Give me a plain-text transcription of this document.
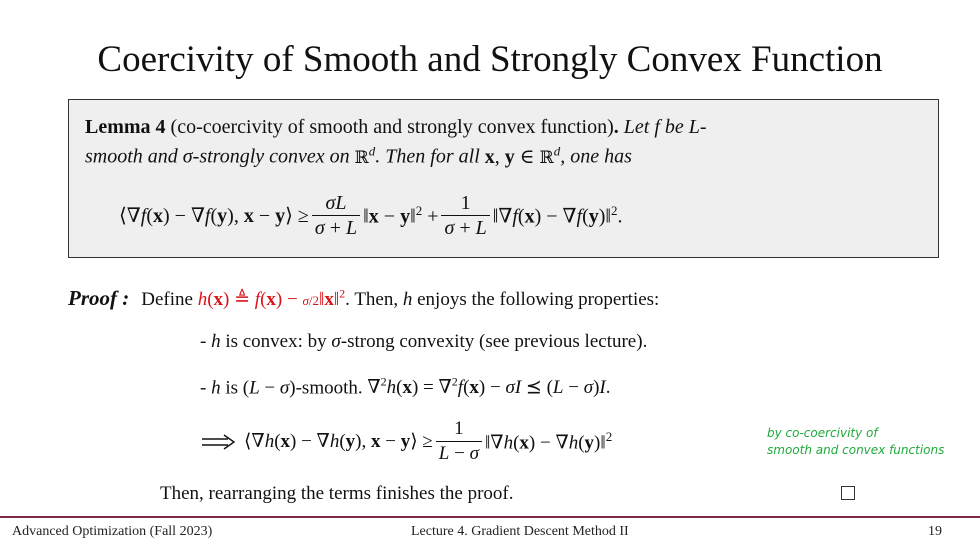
Coercivity of Smooth and Strongly Convex Function
Lemma 4 (co-coercivity of smooth and strongly convex function). Let f be L-
smooth and σ-strongly convex on ℝ$^d$. Then for all x, y ∈ ℝ$^d$, one has
⟨∇f(x) − ∇f(y), x − y⟩ ≥ $\frac{\sigma L}{\sigma + L}$ ‖x − y‖$^2$ + $\frac{1}{\sigma + L}$ ‖∇f(x) − ∇f(y)‖$^2$.
Proof : Define h(x) ≜ f(x) − σ/2‖x‖$^2$. Then, h enjoys the following properties:
- h is convex: by σ-strong convexity (see previous lecture).
- h is (L − σ)-smooth. ∇$^2$h(x) = ∇$^2$f(x) − σI ⪯ (L − σ)I.
⟨∇h(x) − ∇h(y), x − y⟩ ≥ $\frac{1}{L - \sigma}$ ‖∇h(x) − ∇h(y)‖$^2$	by co-coercivity of
smooth and convex functions
Then, rearranging the terms finishes the proof.
Advanced Optimization (Fall 2023)	Lecture 4. Gradient Descent Method II	19
